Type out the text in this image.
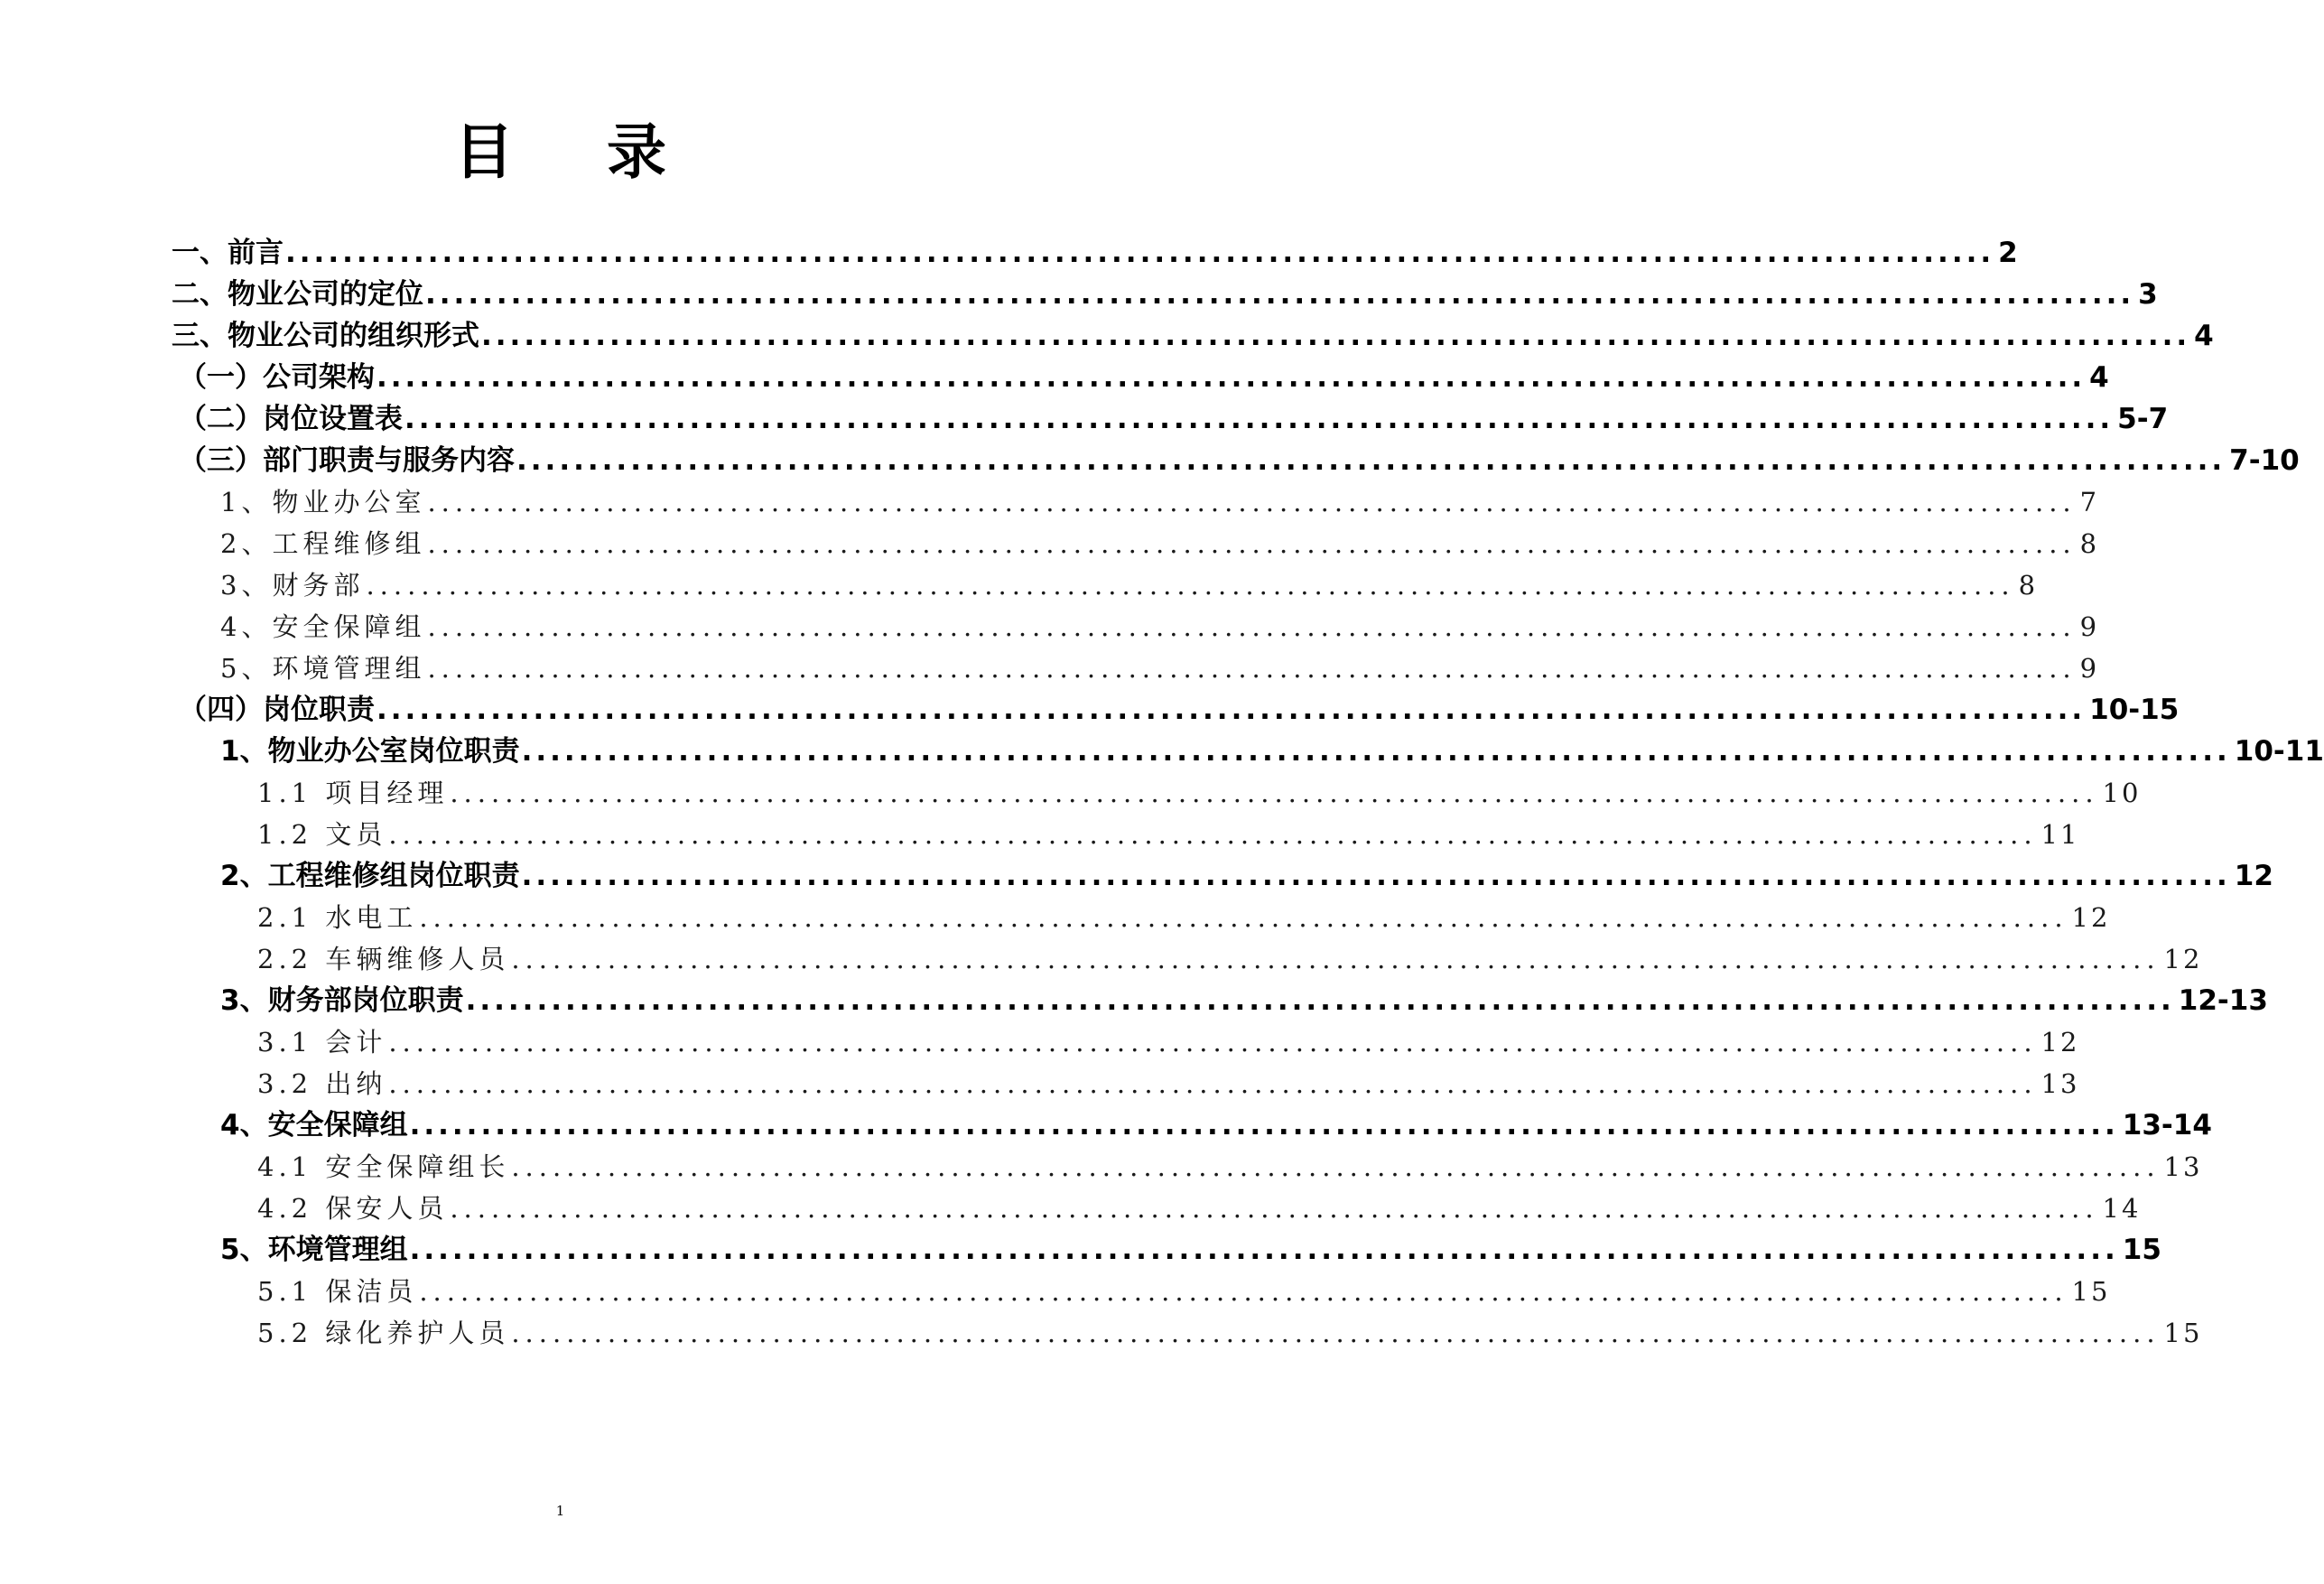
目 录
一、前言 ........................................................................................................................ 2
二、物业公司的定位 ........................................................................................................................ 3
三、物业公司的组织形式 ........................................................................................................................ 4
（一）公司架构 ........................................................................................................................ 4
（二）岗位设置表 ........................................................................................................................ 5-7
（三）部门职责与服务内容 ........................................................................................................................ 7-10
1、物业办公室 ........................................................................................................................ 7
2、工程维修组 ........................................................................................................................ 8
3、财务部 ........................................................................................................................ 8
4、安全保障组 ........................................................................................................................ 9
5、环境管理组 ........................................................................................................................ 9
（四）岗位职责 ........................................................................................................................ 10-15
1、物业办公室岗位职责 ........................................................................................................................ 10-11
1.1 项目经理 ........................................................................................................................ 10
1.2 文员 ........................................................................................................................ 11
2、工程维修组岗位职责 ........................................................................................................................ 12
2.1 水电工 ........................................................................................................................ 12
2.2 车辆维修人员 ........................................................................................................................ 12
3、财务部岗位职责 ........................................................................................................................ 12-13
3.1 会计 ........................................................................................................................ 12
3.2 出纳 ........................................................................................................................ 13
4、安全保障组 ........................................................................................................................ 13-14
4.1 安全保障组长 ........................................................................................................................ 13
4.2 保安人员 ........................................................................................................................ 14
5、环境管理组 ........................................................................................................................ 15
5.1 保洁员 ........................................................................................................................ 15
5.2 绿化养护人员 ........................................................................................................................ 15
1
